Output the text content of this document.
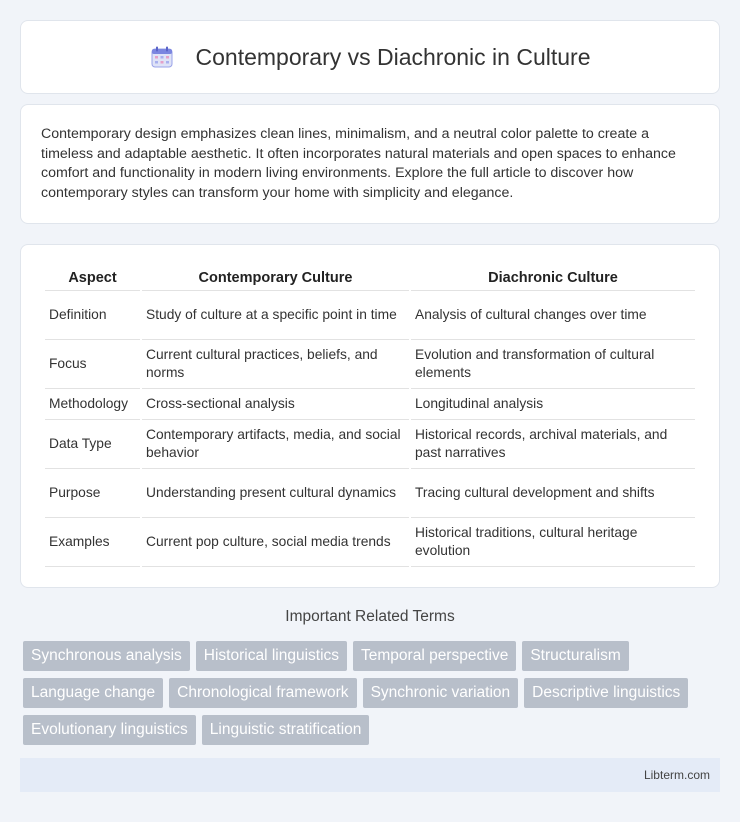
Contemporary vs Diachronic in Culture

Contemporary design emphasizes clean lines, minimalism, and a neutral color palette to create a timeless and adaptable aesthetic. It often incorporates natural materials and open spaces to enhance comfort and functionality in modern living environments. Explore the full article to discover how contemporary styles can transform your home with simplicity and elegance.

Aspect	Contemporary Culture	Diachronic Culture
Definition	Study of culture at a specific point in time	Analysis of cultural changes over time
Focus	Current cultural practices, beliefs, and norms	Evolution and transformation of cultural elements
Methodology	Cross-sectional analysis	Longitudinal analysis
Data Type	Contemporary artifacts, media, and social behavior	Historical records, archival materials, and past narratives
Purpose	Understanding present cultural dynamics	Tracing cultural development and shifts
Examples	Current pop culture, social media trends	Historical traditions, cultural heritage evolution
Important Related Terms
Synchronous analysis	Historical linguistics	Temporal perspective	Structuralism
Language change	Chronological framework	Synchronic variation	Descriptive linguistics
Evolutionary linguistics	Linguistic stratification
Libterm.com
